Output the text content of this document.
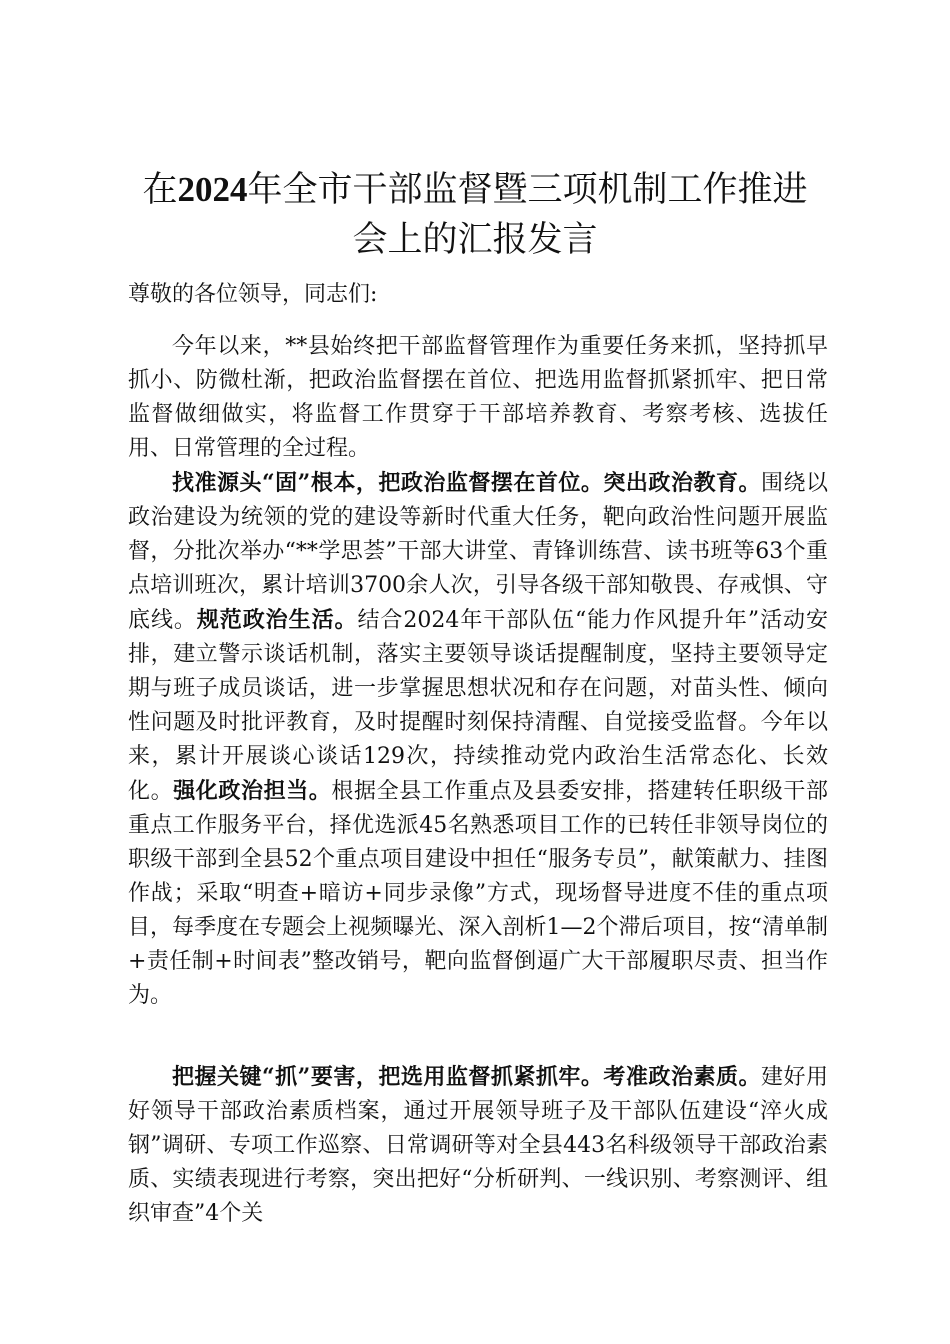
在2024年全市干部监督暨三项机制工作推进
会上的汇报发言

尊敬的各位领导，同志们:

今年以来，**县始终把干部监督管理作为重要任务来抓，坚持抓早抓小、防微杜渐，把政治监督摆在首位、把选用监督抓紧抓牢、把日常监督做细做实，将监督工作贯穿于干部培养教育、考察考核、选拔任用、日常管理的全过程。

找准源头“固”根本，把政治监督摆在首位。突出政治教育。围绕以政治建设为统领的党的建设等新时代重大任务，靶向政治性问题开展监督，分批次举办“**学思荟”干部大讲堂、青锋训练营、读书班等63个重点培训班次，累计培训3700余人次，引导各级干部知敬畏、存戒惧、守底线。规范政治生活。结合2024年干部队伍“能力作风提升年”活动安排，建立警示谈话机制，落实主要领导谈话提醒制度，坚持主要领导定期与班子成员谈话，进一步掌握思想状况和存在问题，对苗头性、倾向性问题及时批评教育，及时提醒时刻保持清醒、自觉接受监督。今年以来，累计开展谈心谈话129次，持续推动党内政治生活常态化、长效化。强化政治担当。根据全县工作重点及县委安排，搭建转任职级干部重点工作服务平台，择优选派45名熟悉项目工作的已转任非领导岗位的职级干部到全县52个重点项目建设中担任“服务专员”，献策献力、挂图作战；采取“明查+暗访+同步录像”方式，现场督导进度不佳的重点项目，每季度在专题会上视频曝光、深入剖析1—2个滞后项目，按“清单制+责任制+时间表”整改销号，靶向监督倒逼广大干部履职尽责、担当作为。

把握关键“抓”要害，把选用监督抓紧抓牢。考准政治素质。建好用好领导干部政治素质档案，通过开展领导班子及干部队伍建设“淬火成钢”调研、专项工作巡察、日常调研等对全县443名科级领导干部政治素质、实绩表现进行考察，突出把好“分析研判、一线识别、考察测评、组织审查”4个关
